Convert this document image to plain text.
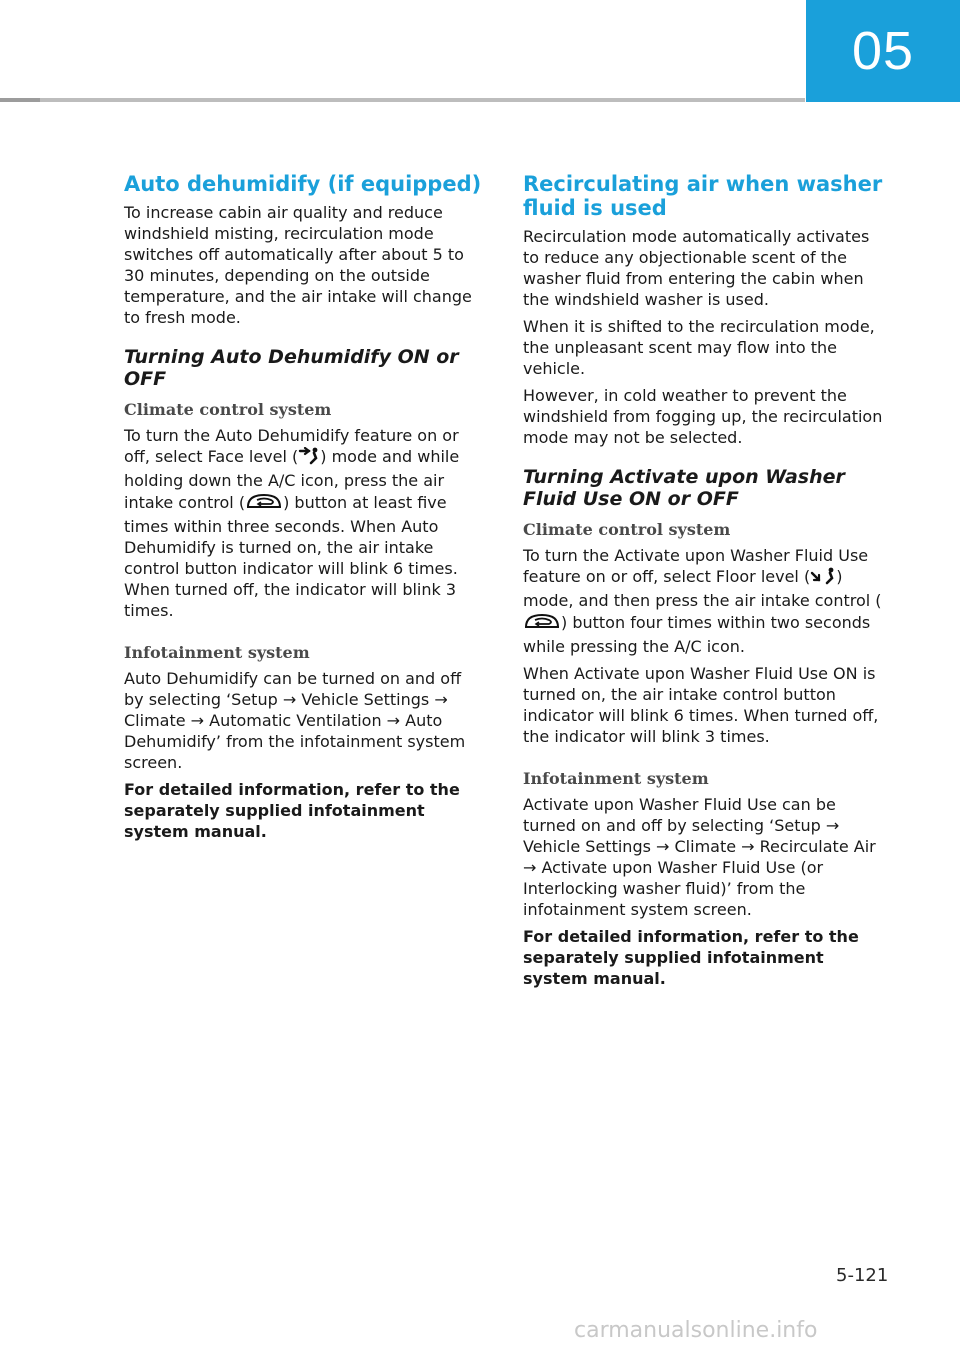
05
Auto dehumidify (if equipped)

To increase cabin air quality and reduce windshield misting, recirculation mode switches off automatically after about 5 to 30 minutes, depending on the outside temperature, and the air intake will change to fresh mode.

Turning Auto Dehumidify ON or OFF
Climate control system

To turn the Auto Dehumidify feature on or off, select Face level ( ) mode and while holding down the A/C icon, press the air intake control ( ) button at least five times within three seconds. When Auto Dehumidify is turned on, the air intake control button indicator will blink 6 times. When turned off, the indicator will blink 3 times.

Infotainment system

Auto Dehumidify can be turned on and off by selecting ‘Setup → Vehicle Settings → Climate → Automatic Ventilation → Auto Dehumidify’ from the infotainment system screen.

For detailed information, refer to the separately supplied infotainment system manual.

Recirculating air when washer fluid is used

Recirculation mode automatically activates to reduce any objectionable scent of the washer fluid from entering the cabin when the windshield washer is used.

When it is shifted to the recirculation mode, the unpleasant scent may flow into the vehicle.

However, in cold weather to prevent the windshield from fogging up, the recirculation mode may not be selected.

Turning Activate upon Washer Fluid Use ON or OFF
Climate control system

To turn the Activate upon Washer Fluid Use feature on or off, select Floor level ( ) mode, and then press the air intake control () button four times within two seconds while pressing the A/C icon.

When Activate upon Washer Fluid Use ON is turned on, the air intake control button indicator will blink 6 times. When turned off, the indicator will blink 3 times.

Infotainment system

Activate upon Washer Fluid Use can be turned on and off by selecting ‘Setup → Vehicle Settings → Climate → Recirculate Air → Activate upon Washer Fluid Use (or Interlocking washer fluid)’ from the infotainment system screen.

For detailed information, refer to the separately supplied infotainment system manual.

5-121
carmanualsonline.info
